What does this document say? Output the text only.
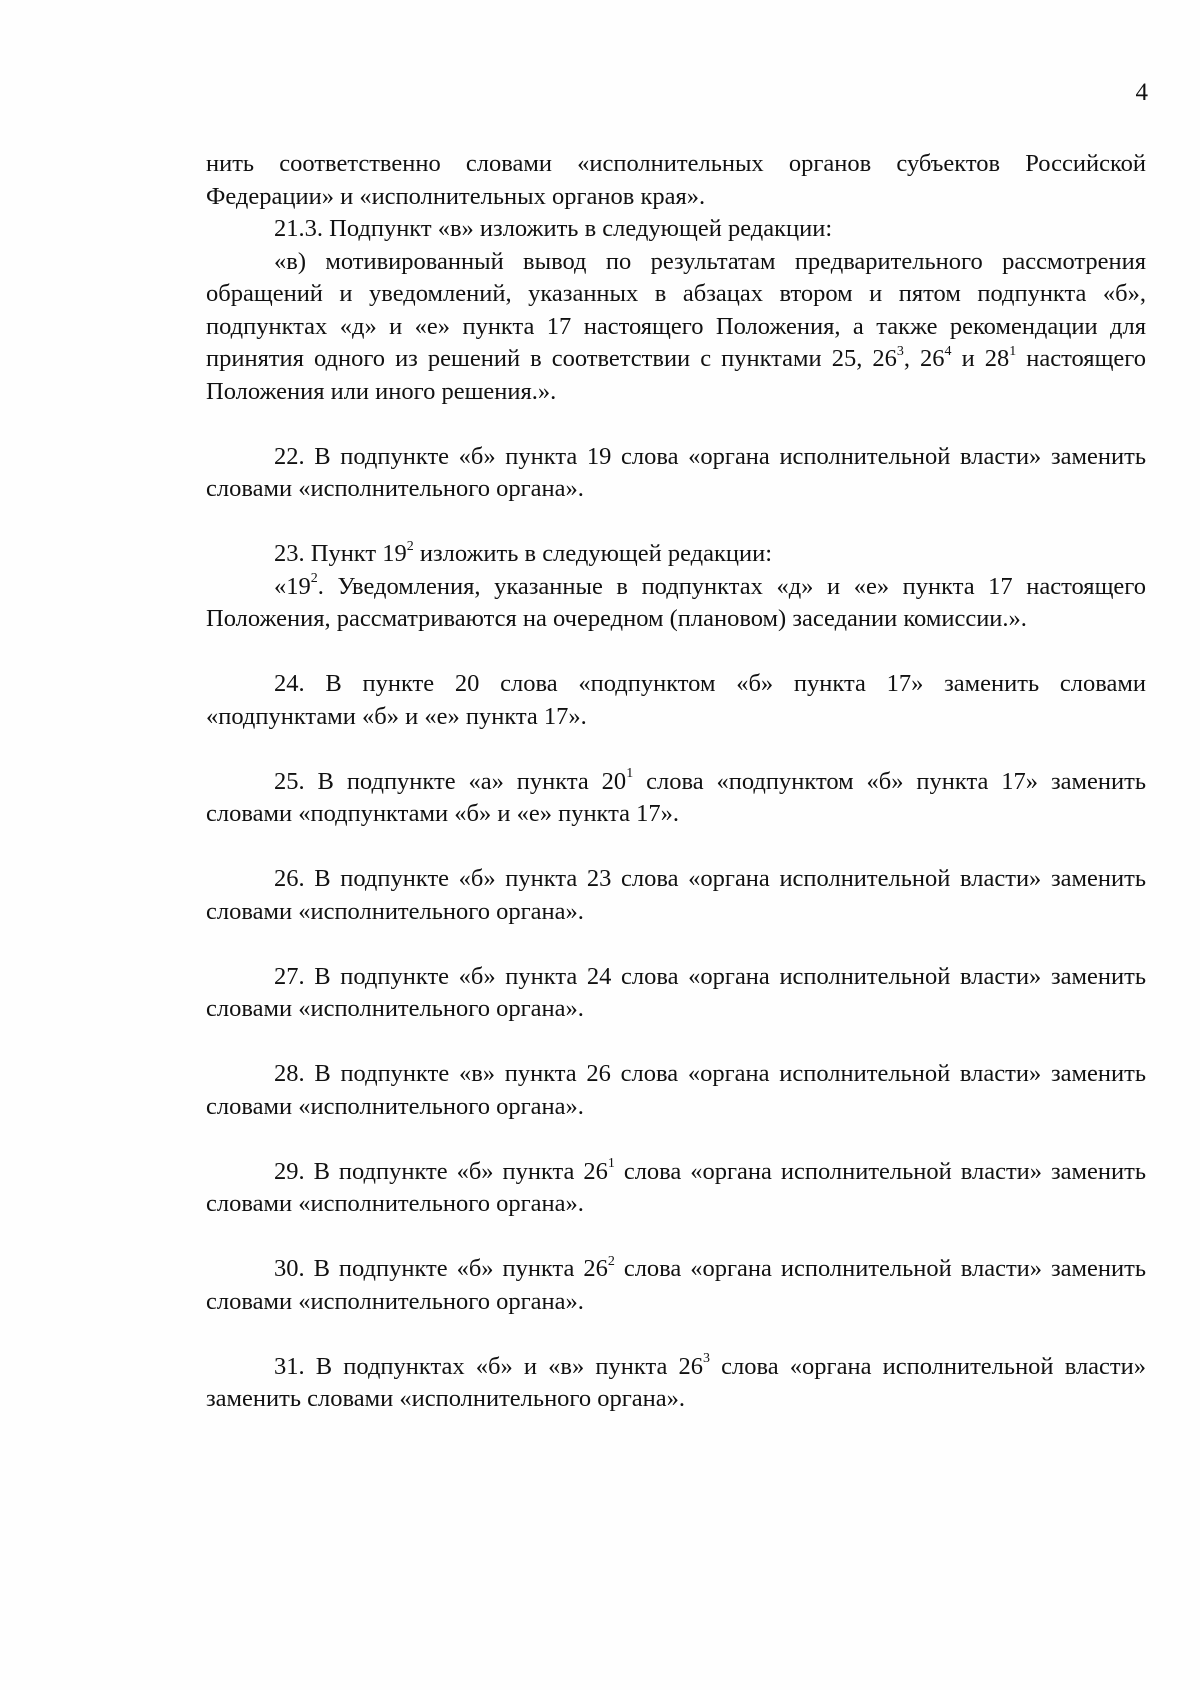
4

нить соответственно словами «исполнительных органов субъектов Российской Федерации» и «исполнительных органов края».

21.3. Подпункт «в» изложить в следующей редакции:

«в) мотивированный вывод по результатам предварительного рассмотрения обращений и уведомлений, указанных в абзацах втором и пятом подпункта «б», подпунктах «д» и «е» пункта 17 настоящего Положения, а также рекомендации для принятия одного из решений в соответствии с пунктами 25, $26^3$, $26^4$ и $28^1$ настоящего Положения или иного решения.».

22. В подпункте «б» пункта 19 слова «органа исполнительной власти» заменить словами «исполнительного органа».

23. Пункт $19^2$ изложить в следующей редакции:

«$19^2$. Уведомления, указанные в подпунктах «д» и «е» пункта 17 настоящего Положения, рассматриваются на очередном (плановом) заседании комиссии.».

24. В пункте 20 слова «подпунктом «б» пункта 17» заменить словами «подпунктами «б» и «е» пункта 17».

25. В подпункте «а» пункта $20^1$ слова «подпунктом «б» пункта 17» заменить словами «подпунктами «б» и «е» пункта 17».

26. В подпункте «б» пункта 23 слова «органа исполнительной власти» заменить словами «исполнительного органа».

27. В подпункте «б» пункта 24 слова «органа исполнительной власти» заменить словами «исполнительного органа».

28. В подпункте «в» пункта 26 слова «органа исполнительной власти» заменить словами «исполнительного органа».

29. В подпункте «б» пункта $26^1$ слова «органа исполнительной власти» заменить словами «исполнительного органа».

30. В подпункте «б» пункта $26^2$ слова «органа исполнительной власти» заменить словами «исполнительного органа».

31. В подпунктах «б» и «в» пункта $26^3$ слова «органа исполнительной власти» заменить словами «исполнительного органа».
